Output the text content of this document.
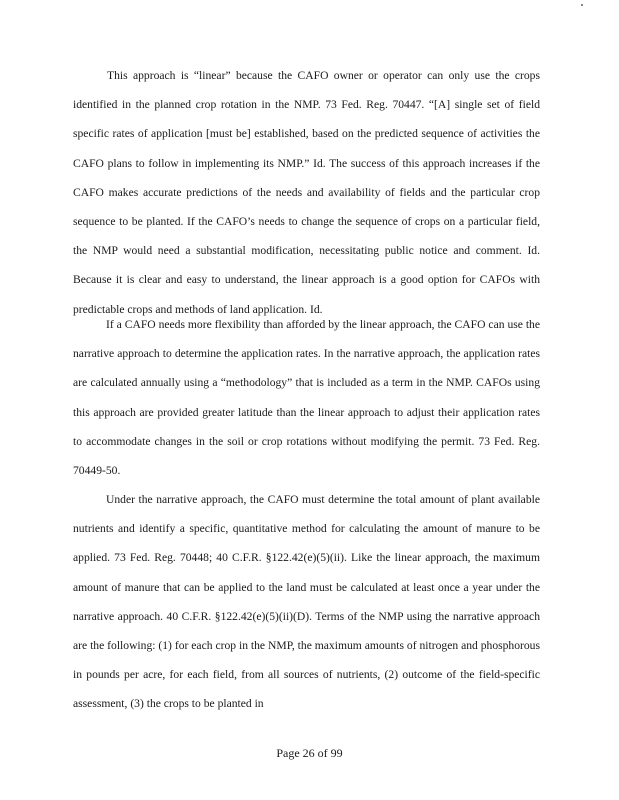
This approach is “linear” because the CAFO owner or operator can only use the crops identified in the planned crop rotation in the NMP. 73 Fed. Reg. 70447. “[A] single set of field specific rates of application [must be] established, based on the predicted sequence of activities the CAFO plans to follow in implementing its NMP.” Id. The success of this approach increases if the CAFO makes accurate predictions of the needs and availability of fields and the particular crop sequence to be planted. If the CAFO’s needs to change the sequence of crops on a particular field, the NMP would need a substantial modification, necessitating public notice and comment. Id. Because it is clear and easy to understand, the linear approach is a good option for CAFOs with predictable crops and methods of land application. Id.

If a CAFO needs more flexibility than afforded by the linear approach, the CAFO can use the narrative approach to determine the application rates. In the narrative approach, the application rates are calculated annually using a “methodology” that is included as a term in the NMP. CAFOs using this approach are provided greater latitude than the linear approach to adjust their application rates to accommodate changes in the soil or crop rotations without modifying the permit. 73 Fed. Reg. 70449-50.

Under the narrative approach, the CAFO must determine the total amount of plant available nutrients and identify a specific, quantitative method for calculating the amount of manure to be applied. 73 Fed. Reg. 70448; 40 C.F.R. §122.42(e)(5)(ii). Like the linear approach, the maximum amount of manure that can be applied to the land must be calculated at least once a year under the narrative approach. 40 C.F.R. §122.42(e)(5)(ii)(D). Terms of the NMP using the narrative approach are the following: (1) for each crop in the NMP, the maximum amounts of nitrogen and phosphorous in pounds per acre, for each field, from all sources of nutrients, (2) outcome of the field-specific assessment, (3) the crops to be planted in

Page 26 of 99
